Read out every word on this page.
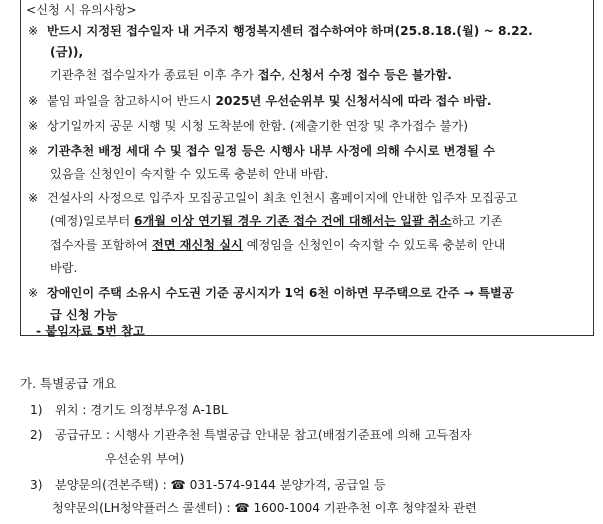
<신청 시 유의사항>
※ 반드시 지정된 접수일자 내 거주지 행정복지센터 접수하여야 하며(25.8.18.(월) ~ 8.22.
(금)),
기관추천 접수일자가 종료된 이후 추가 접수, 신청서 수정 접수 등은 불가함.
※ 붙임 파일을 참고하시어 반드시 2025년 우선순위부 및 신청서식에 따라 접수 바람.
※ 상기일까지 공문 시행 및 시청 도착분에 한함. (제출기한 연장 및 추가접수 불가)
※ 기관추천 배정 세대 수 및 접수 일정 등은 시행사 내부 사정에 의해 수시로 변경될 수
있음을 신청인이 숙지할 수 있도록 충분히 안내 바람.
※ 건설사의 사정으로 입주자 모집공고일이 최초 인천시 홈페이지에 안내한 입주자 모집공고
(예정)일로부터 6개월 이상 연기될 경우 기존 접수 건에 대해서는 일괄 취소하고 기존
접수자를 포함하여 전면 재신청 실시 예정임을 신청인이 숙지할 수 있도록 충분히 안내
바람.
※ 장애인이 주택 소유시 수도권 기준 공시지가 1억 6천 이하면 무주택으로 간주 → 특별공
급 신청 가능
- 붙임자료 5번 참고
가. 특별공급 개요
1) 위치 : 경기도 의정부우정 A-1BL
2) 공급규모 : 시행사 기관추천 특별공급 안내문 참고(배점기준표에 의해 고득점자
우선순위 부여)
3) 분양문의(견본주택) : ☎ 031-574-9144 분양가격, 공급일 등
청약문의(LH청약플러스 콜센터) : ☎ 1600-1004 기관추천 이후 청약절차 관련
